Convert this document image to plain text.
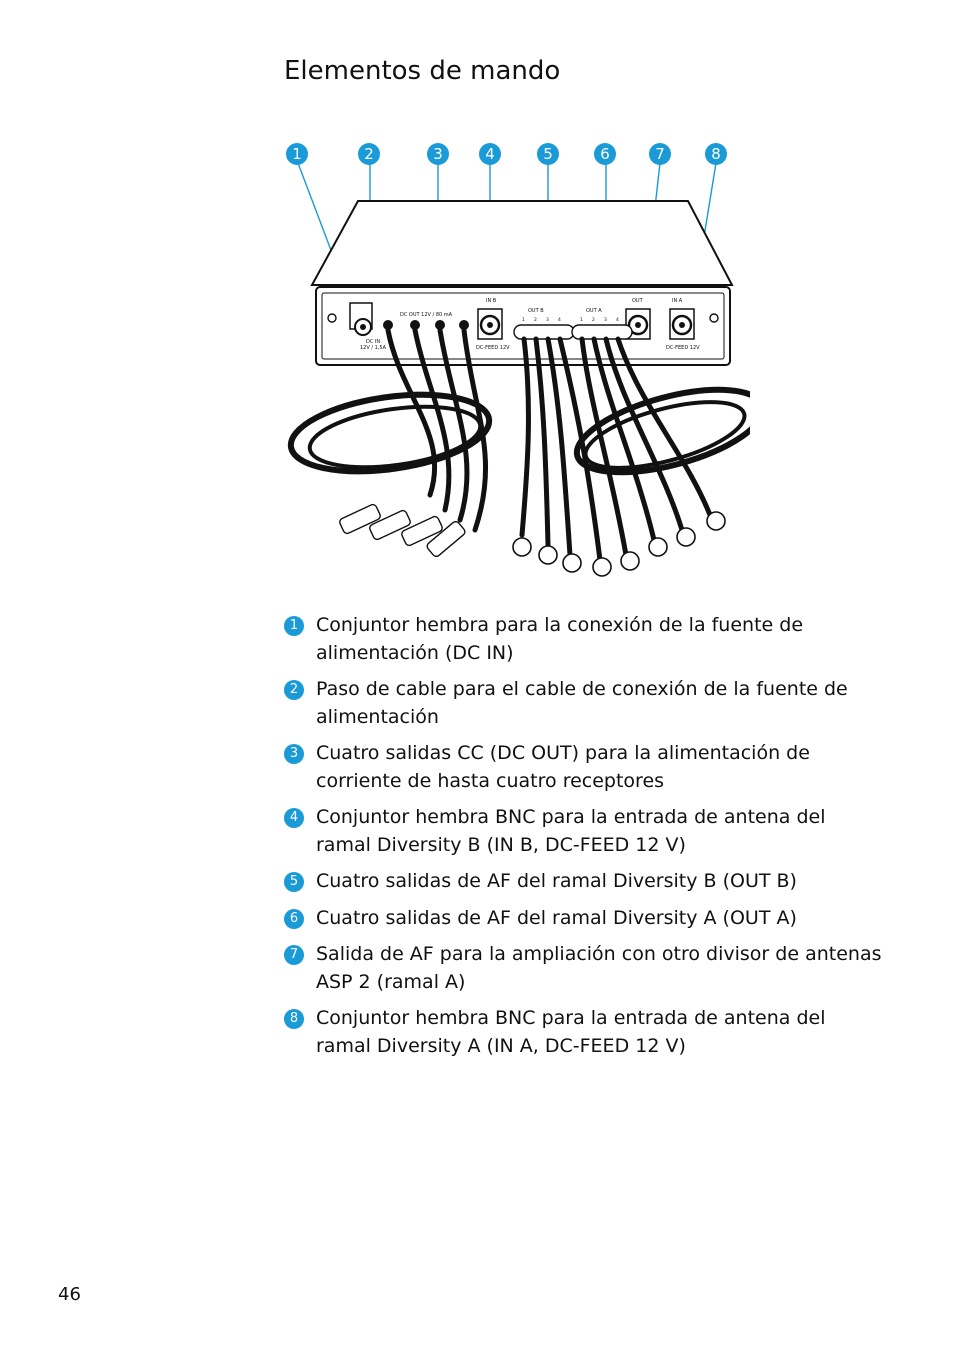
Elementos de mando
DC IN
12V / 1,5A
DC OUT 12V / 80 mA
IN B
OUT B	OUT A
OUT	IN A
DC-FEED 12V	DC-FEED 12V
1 2 3 4	1 2 3 4
1	2	3	4	5	6	7	8
1 Conjuntor hembra para la conexión de la fuente de alimentación (DC IN)
2 Paso de cable para el cable de conexión de la fuente de alimentación
3 Cuatro salidas CC (DC OUT) para la alimentación de corriente de hasta cuatro receptores
4 Conjuntor hembra BNC para la entrada de antena del ramal Diversity B (IN B, DC-FEED 12 V)
5 Cuatro salidas de AF del ramal Diversity B (OUT B)
6 Cuatro salidas de AF del ramal Diversity A (OUT A)
7 Salida de AF para la ampliación con otro divisor de antenas ASP 2 (ramal A)
8 Conjuntor hembra BNC para la entrada de antena del ramal Diversity A (IN A, DC-FEED 12 V)
46
